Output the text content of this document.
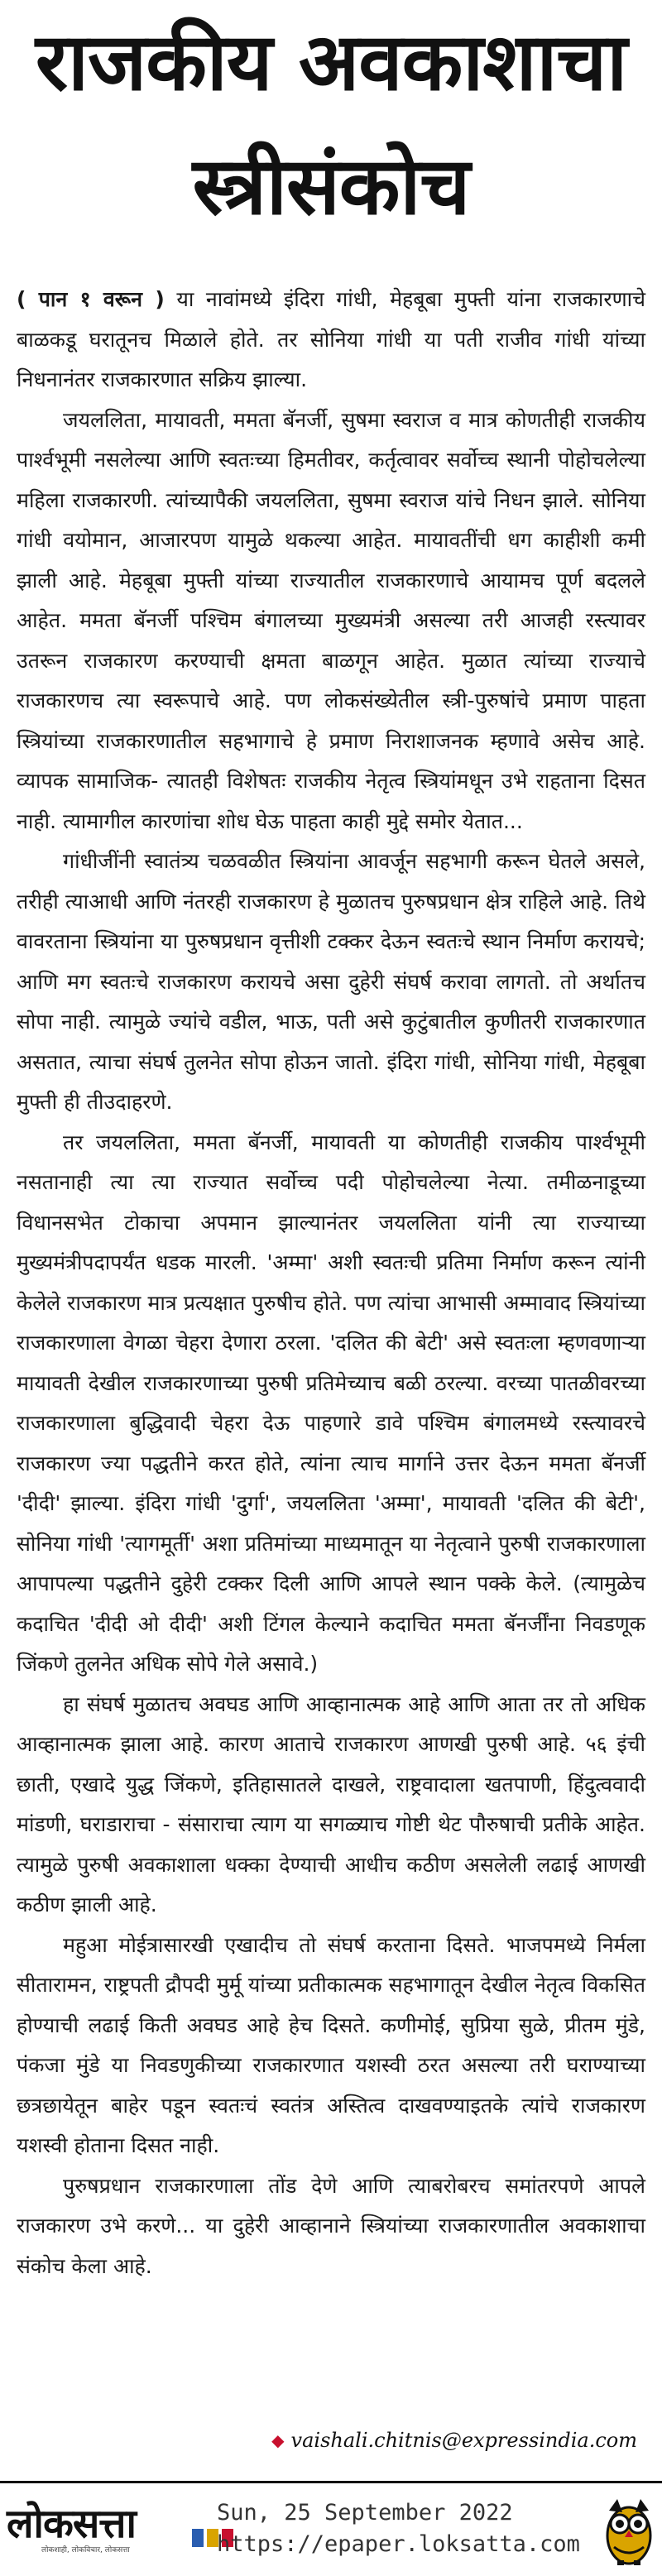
राजकीय अवकाशाचा
स्त्रीसंकोच

( पान १ वरून ) या नावांमध्ये इंदिरा गांधी, मेहबूबा मुफ्ती यांना राजकारणाचे बाळकडू घरातूनच मिळाले होते. तर सोनिया गांधी या पती राजीव गांधी यांच्या निधनानंतर राजकारणात सक्रिय झाल्या.

जयललिता, मायावती, ममता बॅनर्जी, सुषमा स्वराज व मात्र कोणतीही राजकीय पार्श्वभूमी नसलेल्या आणि स्वतःच्या हिमतीवर, कर्तृत्वावर सर्वोच्च स्थानी पोहोचलेल्या महिला राजकारणी. त्यांच्यापैकी जयललिता, सुषमा स्वराज यांचे निधन झाले. सोनिया गांधी वयोमान, आजारपण यामुळे थकल्या आहेत. मायावतींची धग काहीशी कमी झाली आहे. मेहबूबा मुफ्ती यांच्या राज्यातील राजकारणाचे आयामच पूर्ण बदलले आहेत. ममता बॅनर्जी पश्चिम बंगालच्या मुख्यमंत्री असल्या तरी आजही रस्त्यावर उतरून राजकारण करण्याची क्षमता बाळगून आहेत. मुळात त्यांच्या राज्याचे राजकारणच त्या स्वरूपाचे आहे. पण लोकसंख्येतील स्त्री-पुरुषांचे प्रमाण पाहता स्त्रियांच्या राजकारणातील सहभागाचे हे प्रमाण निराशाजनक म्हणावे असेच आहे. व्यापक सामाजिक- त्यातही विशेषतः राजकीय नेतृत्व स्त्रियांमधून उभे राहताना दिसत नाही. त्यामागील कारणांचा शोध घेऊ पाहता काही मुद्दे समोर येतात...

गांधीजींनी स्वातंत्र्य चळवळीत स्त्रियांना आवर्जून सहभागी करून घेतले असले, तरीही त्याआधी आणि नंतरही राजकारण हे मुळातच पुरुषप्रधान क्षेत्र राहिले आहे. तिथे वावरताना स्त्रियांना या पुरुषप्रधान वृत्तीशी टक्कर देऊन स्वतःचे स्थान निर्माण करायचे; आणि मग स्वतःचे राजकारण करायचे असा दुहेरी संघर्ष करावा लागतो. तो अर्थातच सोपा नाही. त्यामुळे ज्यांचे वडील, भाऊ, पती असे कुटुंबातील कुणीतरी राजकारणात असतात, त्याचा संघर्ष तुलनेत सोपा होऊन जातो. इंदिरा गांधी, सोनिया गांधी, मेहबूबा मुफ्ती ही तीउदाहरणे.

तर जयललिता, ममता बॅनर्जी, मायावती या कोणतीही राजकीय पार्श्वभूमी नसतानाही त्या त्या राज्यात सर्वोच्च पदी पोहोचलेल्या नेत्या. तमीळनाडूच्या विधानसभेत टोकाचा अपमान झाल्यानंतर जयललिता यांनी त्या राज्याच्या मुख्यमंत्रीपदापर्यंत धडक मारली. 'अम्मा' अशी स्वतःची प्रतिमा निर्माण करून त्यांनी केलेले राजकारण मात्र प्रत्यक्षात पुरुषीच होते. पण त्यांचा आभासी अम्मावाद स्त्रियांच्या राजकारणाला वेगळा चेहरा देणारा ठरला. 'दलित की बेटी' असे स्वतःला म्हणवणाऱ्या मायावती देखील राजकारणाच्या पुरुषी प्रतिमेच्याच बळी ठरल्या. वरच्या पातळीवरच्या राजकारणाला बुद्धिवादी चेहरा देऊ पाहणारे डावे पश्चिम बंगालमध्ये रस्त्यावरचे राजकारण ज्या पद्धतीने करत होते, त्यांना त्याच मार्गाने उत्तर देऊन ममता बॅनर्जी 'दीदी' झाल्या. इंदिरा गांधी 'दुर्गा', जयललिता 'अम्मा', मायावती 'दलित की बेटी', सोनिया गांधी 'त्यागमूर्ती' अशा प्रतिमांच्या माध्यमातून या नेतृत्वाने पुरुषी राजकारणाला आपापल्या पद्धतीने दुहेरी टक्कर दिली आणि आपले स्थान पक्के केले. (त्यामुळेच कदाचित 'दीदी ओ दीदी' अशी टिंगल केल्याने कदाचित ममता बॅनर्जींना निवडणूक जिंकणे तुलनेत अधिक सोपे गेले असावे.)

हा संघर्ष मुळातच अवघड आणि आव्हानात्मक आहे आणि आता तर तो अधिक आव्हानात्मक झाला आहे. कारण आताचे राजकारण आणखी पुरुषी आहे. ५६ इंची छाती, एखादे युद्ध जिंकणे, इतिहासातले दाखले, राष्ट्रवादाला खतपाणी, हिंदुत्ववादी मांडणी, घराडाराचा - संसाराचा त्याग या सगळ्याच गोष्टी थेट पौरुषाची प्रतीके आहेत. त्यामुळे पुरुषी अवकाशाला धक्का देण्याची आधीच कठीण असलेली लढाई आणखी कठीण झाली आहे.

महुआ मोईत्रासारखी एखादीच तो संघर्ष करताना दिसते. भाजपमध्ये निर्मला सीतारामन, राष्ट्रपती द्रौपदी मुर्मू यांच्या प्रतीकात्मक सहभागातून देखील नेतृत्व विकसित होण्याची लढाई किती अवघड आहे हेच दिसते. कणीमोई, सुप्रिया सुळे, प्रीतम मुंडे, पंकजा मुंडे या निवडणुकीच्या राजकारणात यशस्वी ठरत असल्या तरी घराण्याच्या छत्रछायेतून बाहेर पडून स्वतःचं स्वतंत्र अस्तित्व दाखवण्याइतके त्यांचे राजकारण यशस्वी होताना दिसत नाही.

पुरुषप्रधान राजकारणाला तोंड देणे आणि त्याबरोबरच समांतरपणे आपले राजकारण उभे करणे... या दुहेरी आव्हानाने स्त्रियांच्या राजकारणातील अवकाशाचा संकोच केला आहे.

◆ vaishali.chitnis@expressindia.com
लोकसत्ता
लोकशाही, लोकविचार, लोकसत्ता
Sun, 25 September 2022
https://epaper.loksatta.com
